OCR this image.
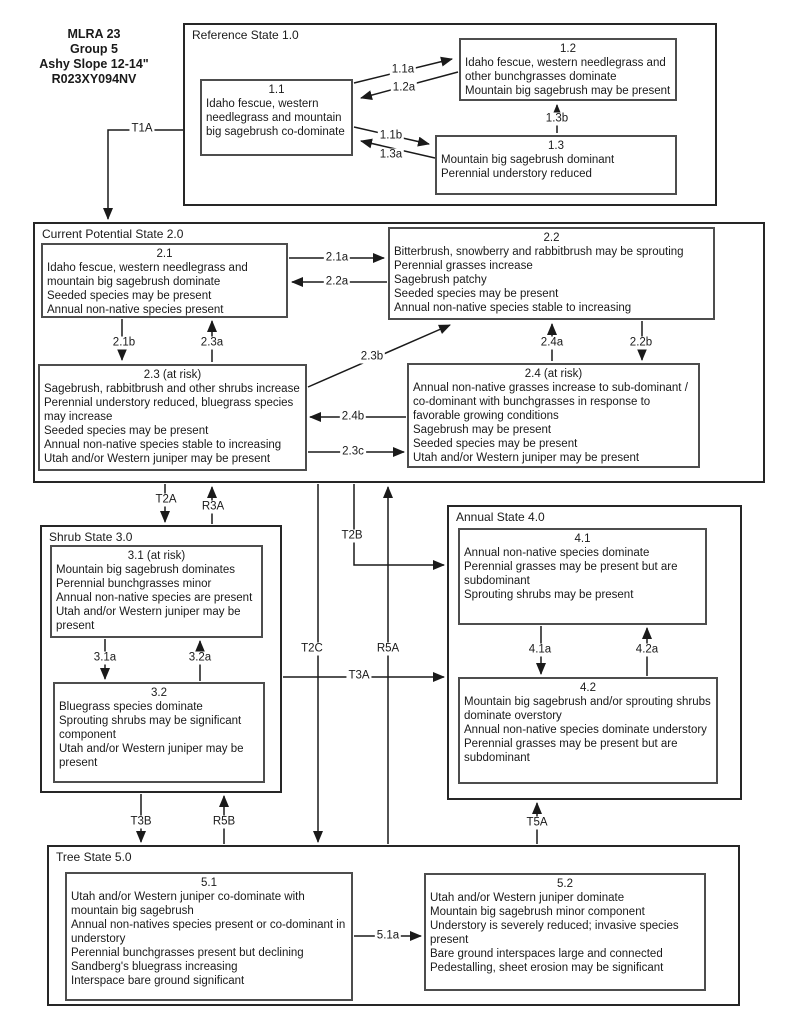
MLRA 23
Group 5
Ashy Slope 12-14"
R023XY094NV
Reference State 1.0
Current Potential State 2.0
Shrub State 3.0
Annual State 4.0
Tree State 5.0
1.1
Idaho fescue, western needlegrass and mountain big sagebrush co-dominate
1.2
Idaho fescue, western needlegrass and other bunchgrasses dominate
Mountain big sagebrush may be present
1.3
Mountain big sagebrush dominant
Perennial understory reduced
2.1
Idaho fescue, western needlegrass and mountain big sagebrush dominate
Seeded species may be present
Annual non-native species present
2.2
Bitterbrush, snowberry and rabbitbrush may be sprouting
Perennial grasses increase
Sagebrush patchy
Seeded species may be present
Annual non-native species stable to increasing
2.3 (at risk)
Sagebrush, rabbitbrush and other shrubs increase
Perennial understory reduced, bluegrass species may increase
Seeded species may be present
Annual non-native species stable to increasing
Utah and/or Western juniper may be present
2.4 (at risk)
Annual non-native grasses increase to sub-dominant / co-dominant with bunchgrasses in response to favorable growing conditions
Sagebrush may be present
Seeded species may be present
Utah and/or Western juniper may be present
3.1 (at risk)
Mountain big sagebrush dominates
Perennial bunchgrasses minor
Annual non-native species are present
Utah and/or Western juniper may be present
3.2
Bluegrass species dominate
Sprouting shrubs may be significant component
Utah and/or Western juniper may be present
4.1
Annual non-native species dominate
Perennial grasses may be present but are subdominant
Sprouting shrubs may be present
4.2
Mountain big sagebrush and/or sprouting shrubs dominate overstory
Annual non-native species dominate understory
Perennial grasses may be present but are subdominant
5.1
Utah and/or Western juniper co-dominate with mountain big sagebrush
Annual non-natives species present or co-dominant in understory
Perennial bunchgrasses present but declining
Sandberg's bluegrass increasing
Interspace bare ground significant
5.2
Utah and/or Western juniper dominate
Mountain big sagebrush minor component
Understory is severely reduced; invasive species present
Bare ground interspaces large and connected
Pedestalling, sheet erosion may be significant
T1A
1.1a
1.2a
1.1b
1.3a
1.3b
2.1a
2.2a
2.1b	2.3a
2.3b
2.4a	2.2b
2.4b
2.3c
T2A
R3A
T2B
T2C	R5A
T3A
3.1a	3.2a
4.1a	4.2a
T3B	R5B	T5A
5.1a
